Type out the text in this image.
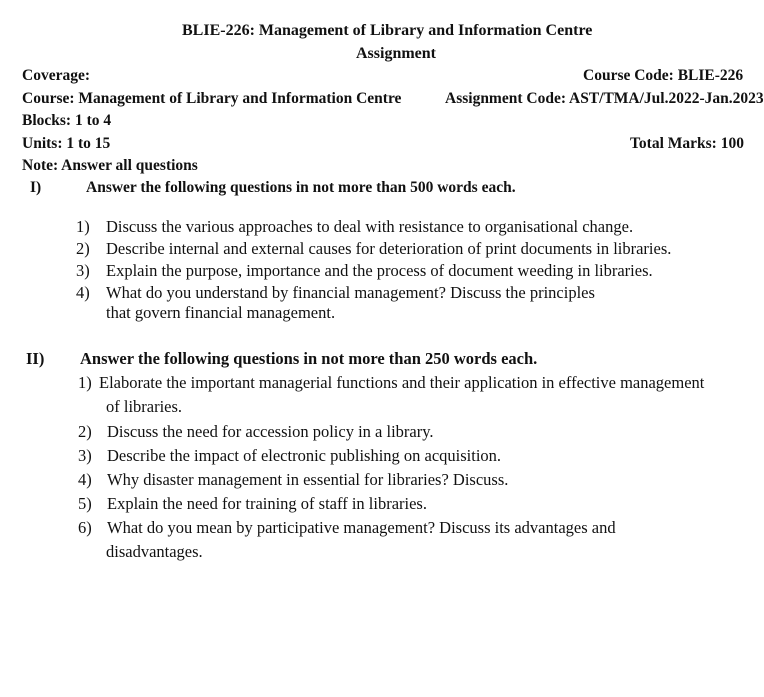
BLIE-226: Management of Library and Information Centre
Assignment
Coverage:	Course Code: BLIE-226
Course: Management of Library and Information Centre	Assignment Code: AST/TMA/Jul.2022-Jan.2023
Blocks: 1 to 4
Units: 1 to 15	Total Marks: 100
Note: Answer all questions
I)	Answer the following questions in not more than 500 words each.
1) Discuss the various approaches to deal with resistance to organisational change.
2) Describe internal and external causes for deterioration of print documents in libraries.
3) Explain the purpose, importance and the process of document weeding in libraries.
4) What do you understand by financial management? Discuss the principles
that govern financial management.
II) Answer the following questions in not more than 250 words each.
1) Elaborate the important managerial functions and their application in effective management
of libraries.
2) Discuss the need for accession policy in a library.
3) Describe the impact of electronic publishing on acquisition.
4) Why disaster management in essential for libraries? Discuss.
5) Explain the need for training of staff in libraries.
6) What do you mean by participative management? Discuss its advantages and
disadvantages.
